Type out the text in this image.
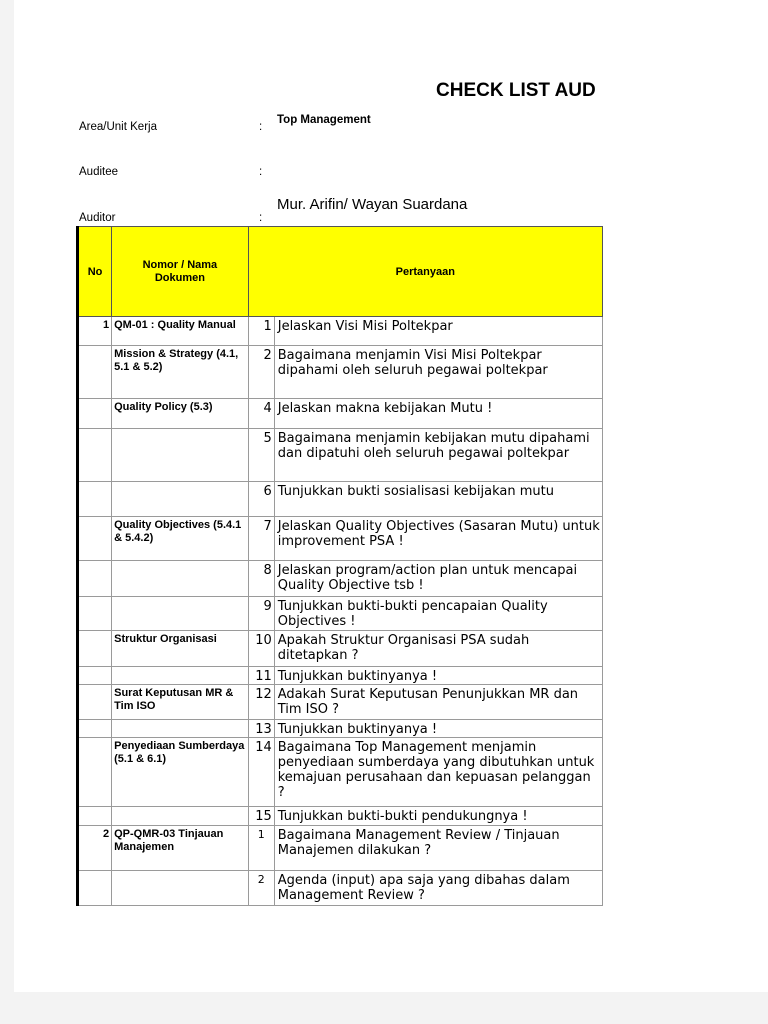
CHECK LIST AUD
Area/Unit Kerja	:
Top Management
Auditee	:
Auditor	:
Mur. Arifin/ Wayan Suardana
No	Nomor / Nama Dokumen	Pertanyaan	

1	QM-01 : Quality Manual	1	Jelaskan Visi Misi Poltekpar

	Mission & Strategy (4.1, 5.1 & 5.2)	2	Bagaimana menjamin Visi Misi Poltekpar dipahami oleh seluruh pegawai poltekpar

	Quality Policy (5.3)	4	Jelaskan makna kebijakan Mutu !

		5	Bagaimana menjamin kebijakan mutu dipahami dan dipatuhi oleh seluruh pegawai poltekpar

		6	Tunjukkan bukti sosialisasi kebijakan mutu

	Quality Objectives (5.4.1 & 5.4.2)	7	Jelaskan Quality Objectives (Sasaran Mutu) untuk improvement PSA !

		8	Jelaskan program/action plan untuk mencapai Quality Objective tsb !

		9	Tunjukkan bukti-bukti pencapaian Quality Objectives !

	Struktur Organisasi	10	Apakah Struktur Organisasi PSA sudah ditetapkan ?

		11	Tunjukkan buktinyanya !

	Surat Keputusan MR & Tim ISO	12	Adakah Surat Keputusan Penunjukkan MR dan Tim ISO ?

		13	Tunjukkan buktinyanya !

	Penyediaan Sumberdaya (5.1 & 6.1)	14	Bagaimana Top Management menjamin penyediaan sumberdaya yang dibutuhkan untuk kemajuan perusahaan dan kepuasan pelanggan ?

		15	Tunjukkan bukti-bukti pendukungnya !

2	QP-QMR-03 Tinjauan Manajemen	1	Bagaimana Management Review / Tinjauan Manajemen dilakukan ?

		2	Agenda (input) apa saja yang dibahas dalam Management Review ?
